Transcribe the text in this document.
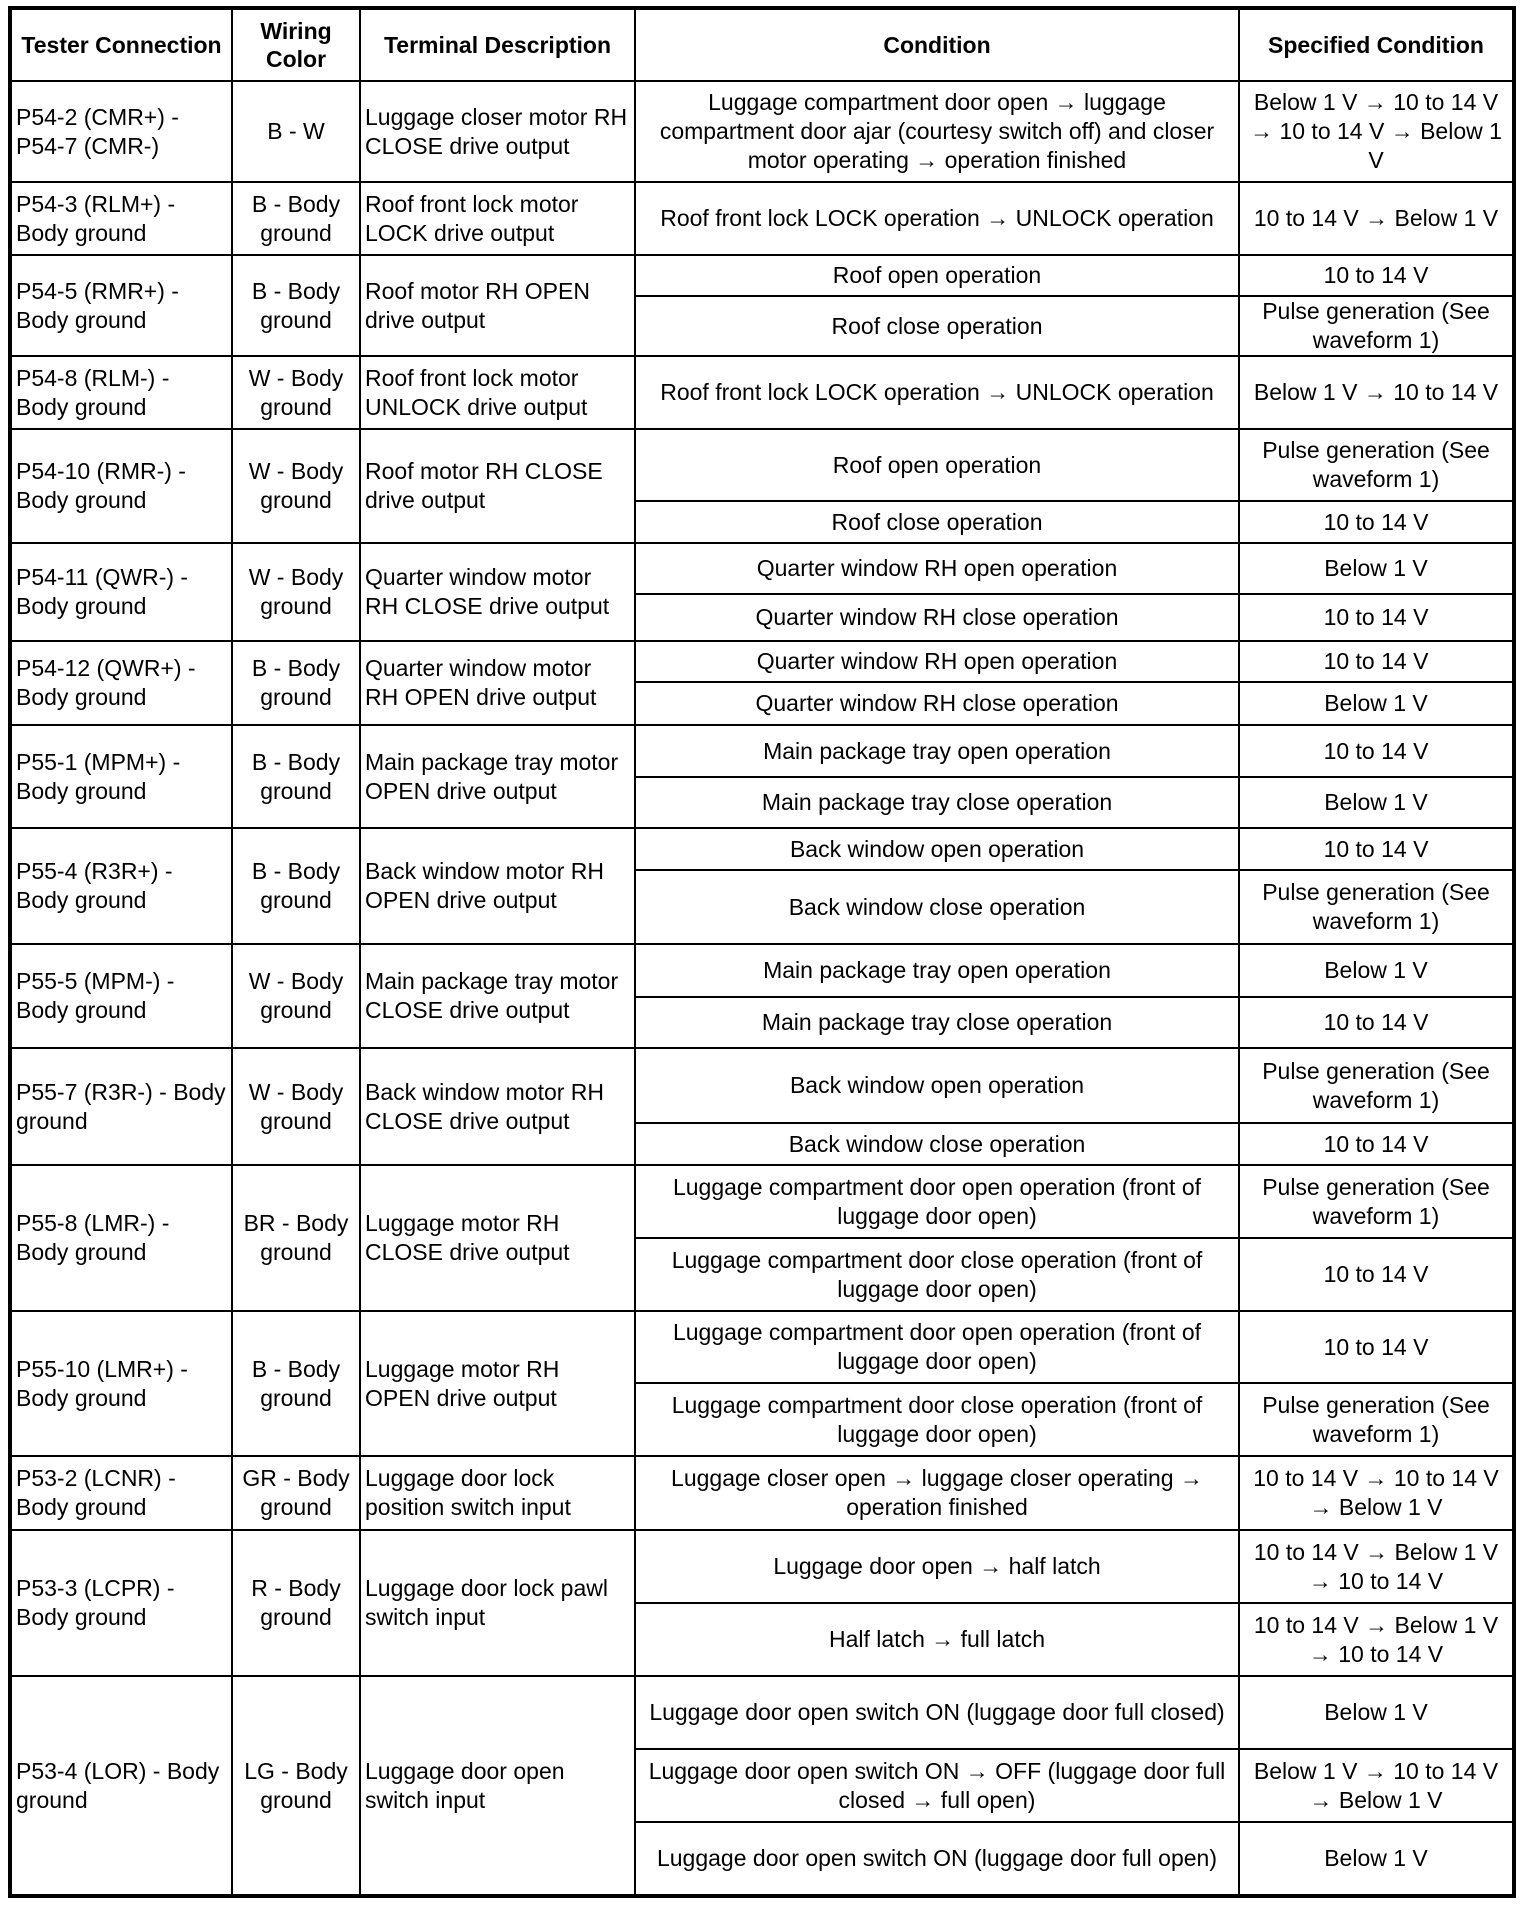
Tester Connection	Wiring Color	Terminal Description	Condition	Specified Condition
P54-2 (CMR+) - P54-7 (CMR-)	B - W	Luggage closer motor RH CLOSE drive output	Luggage compartment door open → luggage compartment door ajar (courtesy switch off) and closer motor operating → operation finished	Below 1 V → 10 to 14 V → 10 to 14 V → Below 1 V
P54-3 (RLM+) - Body ground	B - Body ground	Roof front lock motor LOCK drive output	Roof front lock LOCK operation → UNLOCK operation	10 to 14 V → Below 1 V
P54-5 (RMR+) - Body ground	B - Body ground	Roof motor RH OPEN drive output	Roof open operation	10 to 14 V
			Roof close operation	Pulse generation (See waveform 1)
P54-8 (RLM-) - Body ground	W - Body ground	Roof front lock motor UNLOCK drive output	Roof front lock LOCK operation → UNLOCK operation	Below 1 V → 10 to 14 V
P54-10 (RMR-) - Body ground	W - Body ground	Roof motor RH CLOSE drive output	Roof open operation	Pulse generation (See waveform 1)
			Roof close operation	10 to 14 V
P54-11 (QWR-) - Body ground	W - Body ground	Quarter window motor RH CLOSE drive output	Quarter window RH open operation	Below 1 V
			Quarter window RH close operation	10 to 14 V
P54-12 (QWR+) - Body ground	B - Body ground	Quarter window motor RH OPEN drive output	Quarter window RH open operation	10 to 14 V
			Quarter window RH close operation	Below 1 V
P55-1 (MPM+) - Body ground	B - Body ground	Main package tray motor OPEN drive output	Main package tray open operation	10 to 14 V
			Main package tray close operation	Below 1 V
P55-4 (R3R+) - Body ground	B - Body ground	Back window motor RH OPEN drive output	Back window open operation	10 to 14 V
			Back window close operation	Pulse generation (See waveform 1)
P55-5 (MPM-) - Body ground	W - Body ground	Main package tray motor CLOSE drive output	Main package tray open operation	Below 1 V
			Main package tray close operation	10 to 14 V
P55-7 (R3R-) - Body ground	W - Body ground	Back window motor RH CLOSE drive output	Back window open operation	Pulse generation (See waveform 1)
			Back window close operation	10 to 14 V
P55-8 (LMR-) - Body ground	BR - Body ground	Luggage motor RH CLOSE drive output	Luggage compartment door open operation (front of luggage door open)	Pulse generation (See waveform 1)
			Luggage compartment door close operation (front of luggage door open)	10 to 14 V
P55-10 (LMR+) - Body ground	B - Body ground	Luggage motor RH OPEN drive output	Luggage compartment door open operation (front of luggage door open)	10 to 14 V
			Luggage compartment door close operation (front of luggage door open)	Pulse generation (See waveform 1)
P53-2 (LCNR) - Body ground	GR - Body ground	Luggage door lock position switch input	Luggage closer open → luggage closer operating → operation finished	10 to 14 V → 10 to 14 V → Below 1 V
P53-3 (LCPR) - Body ground	R - Body ground	Luggage door lock pawl switch input	Luggage door open → half latch	10 to 14 V → Below 1 V → 10 to 14 V
			Half latch → full latch	10 to 14 V → Below 1 V → 10 to 14 V
P53-4 (LOR) - Body ground	LG - Body ground	Luggage door open switch input	Luggage door open switch ON (luggage door full closed)	Below 1 V
			Luggage door open switch ON → OFF (luggage door full closed → full open)	Below 1 V → 10 to 14 V → Below 1 V
			Luggage door open switch ON (luggage door full open)	Below 1 V
